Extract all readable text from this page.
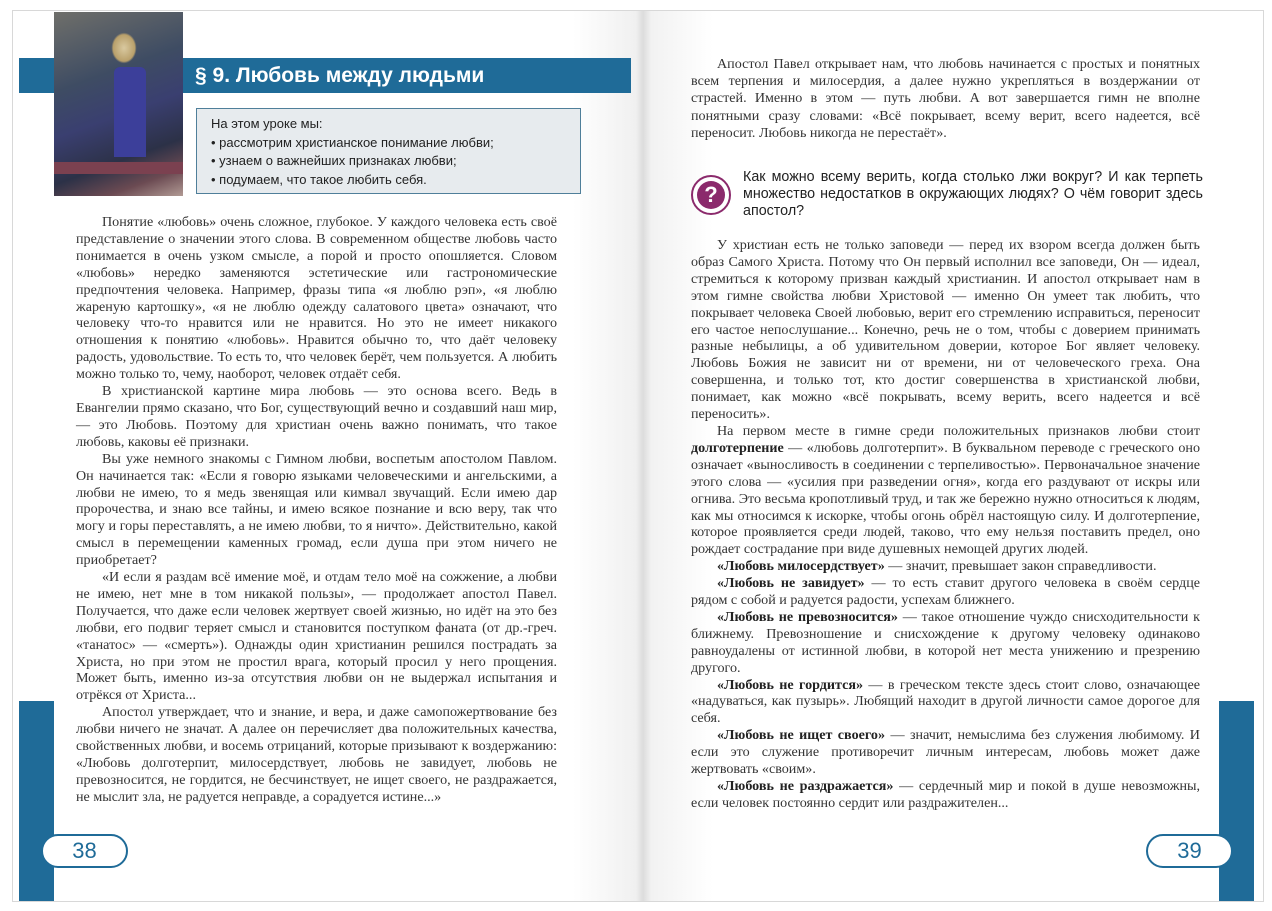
§ 9. Любовь между людьми
На этом уроке мы:
• рассмотрим христианское понимание любви;
• узнаем о важнейших признаках любви;
• подумаем, что такое любить себя.

Понятие «любовь» очень сложное, глубокое. У каждого человека есть своё представление о значении этого слова. В современном обществе любовь часто понимается в очень узком смысле, а порой и просто опошляется. Словом «любовь» нередко заменяются эстетические или гастрономические предпочтения человека. Например, фразы типа «я люблю рэп», «я люблю жареную картошку», «я не люблю одежду салатового цвета» означают, что человеку что-то нравится или не нравится. Но это не имеет никакого отношения к понятию «любовь». Нравится обычно то, что даёт человеку радость, удовольствие. То есть то, что человек берёт, чем пользуется. А любить можно только то, чему, наоборот, человек отдаёт себя.

В христианской картине мира любовь — это основа всего. Ведь в Евангелии прямо сказано, что Бог, существующий вечно и создавший наш мир, — это Любовь. Поэтому для христиан очень важно понимать, что такое любовь, каковы её признаки.

Вы уже немного знакомы с Гимном любви, воспетым апостолом Павлом. Он начинается так: «Если я говорю языками человеческими и ангельскими, а любви не имею, то я медь звенящая или кимвал звучащий. Если имею дар пророчества, и знаю все тайны, и имею всякое познание и всю веру, так что могу и горы переставлять, а не имею любви, то я ничто». Действительно, какой смысл в перемещении каменных громад, если душа при этом ничего не приобретает?

«И если я раздам всё имение моё, и отдам тело моё на сожжение, а любви не имею, нет мне в том никакой пользы», — продолжает апостол Павел. Получается, что даже если человек жертвует своей жизнью, но идёт на это без любви, его подвиг теряет смысл и становится поступком фаната (от др.-греч. «танатос» — «смерть»). Однажды один христианин решился пострадать за Христа, но при этом не простил врага, который просил у него прощения. Может быть, именно из-за отсутствия любви он не выдержал испытания и отрёкся от Христа...

Апостол утверждает, что и знание, и вера, и даже самопожертвование без любви ничего не значат. А далее он перечисляет два положительных качества, свойственных любви, и восемь отрицаний, которые призывают к воздержанию: «Любовь долготерпит, милосердствует, любовь не завидует, любовь не превозносится, не гордится, не бесчинствует, не ищет своего, не раздражается, не мыслит зла, не радуется неправде, а сорадуется истине...»

38

Апостол Павел открывает нам, что любовь начинается с простых и понятных всем терпения и милосердия, а далее нужно укрепляться в воздержании от страстей. Именно в этом — путь любви. А вот завершается гимн не вполне понятными сразу словами: «Всё покрывает, всему верит, всего надеется, всё переносит. Любовь никогда не перестаёт».

?
Как можно всему верить, когда столько лжи вокруг? И как терпеть множество недостатков в окружающих людях? О чём говорит здесь апостол?

У христиан есть не только заповеди — перед их взором всегда должен быть образ Самого Христа. Потому что Он первый исполнил все заповеди, Он — идеал, стремиться к которому призван каждый христианин. И апостол открывает нам в этом гимне свойства любви Христовой — именно Он умеет так любить, что покрывает человека Своей любовью, верит его стремлению исправиться, переносит его частое непослушание... Конечно, речь не о том, чтобы с доверием принимать разные небылицы, а об удивительном доверии, которое Бог являет человеку. Любовь Божия не зависит ни от времени, ни от человеческого греха. Она совершенна, и только тот, кто достиг совершенства в христианской любви, понимает, как можно «всё покрывать, всему верить, всего надеется и всё переносить».

На первом месте в гимне среди положительных признаков любви стоит долготерпение — «любовь долготерпит». В буквальном переводе с греческого оно означает «выносливость в соединении с терпеливостью». Первоначальное значение этого слова — «усилия при разведении огня», когда его раздувают от искры или огнива. Это весьма кропотливый труд, и так же бережно нужно относиться к людям, как мы относимся к искорке, чтобы огонь обрёл настоящую силу. И долготерпение, которое проявляется среди людей, таково, что ему нельзя поставить предел, оно рождает сострадание при виде душевных немощей других людей.

«Любовь милосердствует» — значит, превышает закон справедливости.

«Любовь не завидует» — то есть ставит другого человека в своём сердце рядом с собой и радуется радости, успехам ближнего.

«Любовь не превозносится» — такое отношение чуждо снисходительности к ближнему. Превозношение и снисхождение к другому человеку одинаково равноудалены от истинной любви, в которой нет места унижению и презрению другого.

«Любовь не гордится» — в греческом тексте здесь стоит слово, означающее «надуваться, как пузырь». Любящий находит в другой личности самое дорогое для себя.

«Любовь не ищет своего» — значит, немыслима без служения любимому. И если это служение противоречит личным интересам, любовь может даже жертвовать «своим».

«Любовь не раздражается» — сердечный мир и покой в душе невозможны, если человек постоянно сердит или раздражителен...

39
